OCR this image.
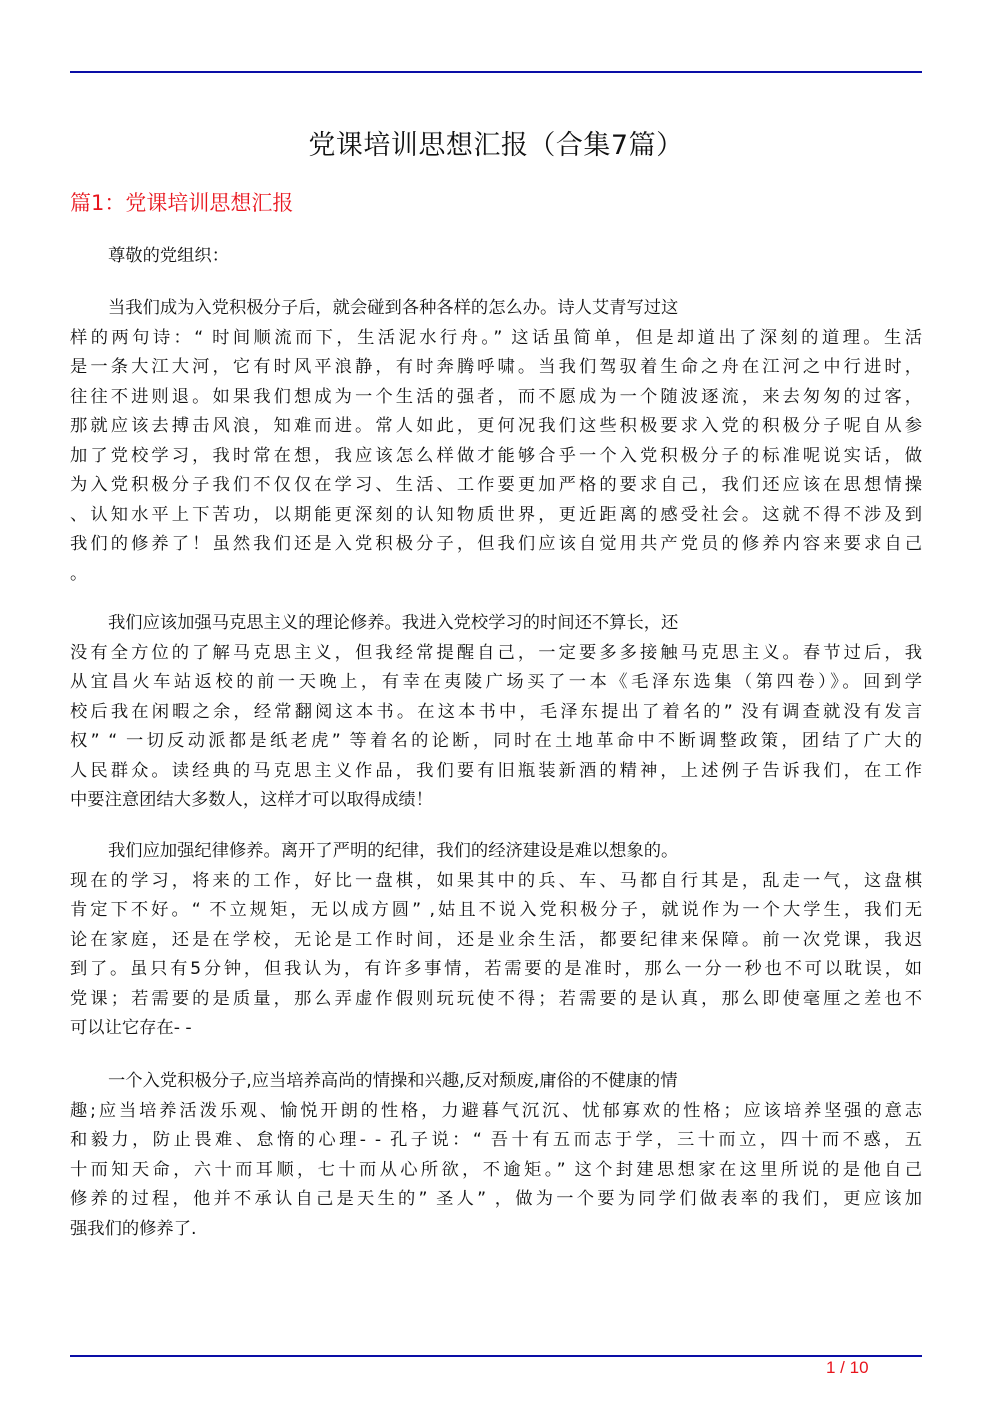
党课培训思想汇报（合集7篇）
篇1：党课培训思想汇报
尊敬的党组织：
当我们成为入党积极分子后，就会碰到各种各样的怎么办。诗人艾青写过这
样的两句诗：“ 时间顺流而下，生活泥水行舟。” 这话虽简单，但是却道出了深刻的道理。生活
是一条大江大河，它有时风平浪静，有时奔腾呼啸。当我们驾驭着生命之舟在江河之中行进时，
往往不进则退。如果我们想成为一个生活的强者，而不愿成为一个随波逐流，来去匆匆的过客，
那就应该去搏击风浪，知难而进。常人如此，更何况我们这些积极要求入党的积极分子呢自从参
加了党校学习，我时常在想，我应该怎么样做才能够合乎一个入党积极分子的标准呢说实话，做
为入党积极分子我们不仅仅在学习、生活、工作要更加严格的要求自己，我们还应该在思想情操
、认知水平上下苦功，以期能更深刻的认知物质世界，更近距离的感受社会。这就不得不涉及到
我们的修养了！虽然我们还是入党积极分子，但我们应该自觉用共产党员的修养内容来要求自己
。
我们应该加强马克思主义的理论修养。我进入党校学习的时间还不算长，还
没有全方位的了解马克思主义，但我经常提醒自己，一定要多多接触马克思主义。春节过后，我
从宜昌火车站返校的前一天晚上，有幸在夷陵广场买了一本《毛泽东选集（第四卷）》。回到学
校后我在闲暇之余，经常翻阅这本书。在这本书中，毛泽东提出了着名的” 没有调查就没有发言
权” “ 一切反动派都是纸老虎” 等着名的论断，同时在土地革命中不断调整政策，团结了广大的
人民群众。读经典的马克思主义作品，我们要有旧瓶装新酒的精神，上述例子告诉我们，在工作
中要注意团结大多数人，这样才可以取得成绩！
我们应加强纪律修养。离开了严明的纪律，我们的经济建设是难以想象的。
现在的学习，将来的工作，好比一盘棋，如果其中的兵、车、马都自行其是，乱走一气，这盘棋
肯定下不好。“ 不立规矩，无以成方圆” ,姑且不说入党积极分子，就说作为一个大学生，我们无
论在家庭，还是在学校，无论是工作时间，还是业余生活，都要纪律来保障。前一次党课，我迟
到了。虽只有5分钟，但我认为，有许多事情，若需要的是准时，那么一分一秒也不可以耽误，如
党课；若需要的是质量，那么弄虚作假则玩玩使不得；若需要的是认真，那么即使毫厘之差也不
可以让它存在- -
一个入党积极分子,应当培养高尚的情操和兴趣,反对颓废,庸俗的不健康的情
趣;应当培养活泼乐观、愉悦开朗的性格，力避暮气沉沉、忧郁寡欢的性格；应该培养坚强的意志
和毅力，防止畏难、怠惰的心理- - 孔子说：“ 吾十有五而志于学，三十而立，四十而不惑，五
十而知天命，六十而耳顺，七十而从心所欲，不逾矩。” 这个封建思想家在这里所说的是他自己
修养的过程，他并不承认自己是天生的” 圣人” ，做为一个要为同学们做表率的我们，更应该加
强我们的修养了.
1 / 10
